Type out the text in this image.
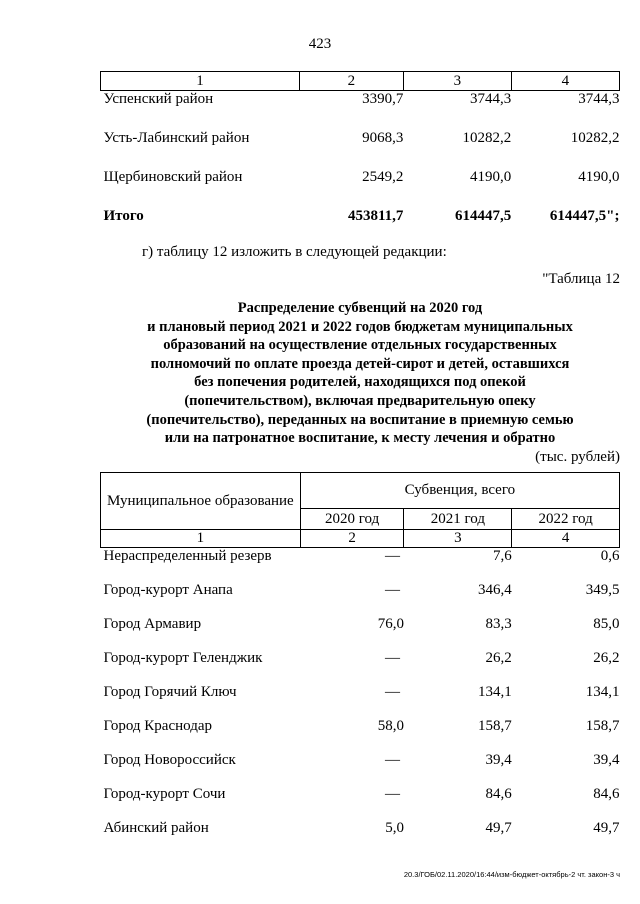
423
1	2	3	4
Успенский район	3390,7	3744,3	3744,3
Усть-Лабинский район	9068,3	10282,2	10282,2
Щербиновский район	2549,2	4190,0	4190,0
Итого	453811,7	614447,5	614447,5";
г) таблицу 12 изложить в следующей редакции:
"Таблица 12
Распределение субвенций на 2020 год
и плановый период 2021 и 2022 годов бюджетам муниципальных
образований на осуществление отдельных государственных
полномочий по оплате проезда детей-сирот и детей, оставшихся
без попечения родителей, находящихся под опекой
(попечительством), включая предварительную опеку
(попечительство), переданных на воспитание в приемную семью
или на патронатное воспитание, к месту лечения и обратно
(тыс. рублей)
Муниципальное образование	Субвенция, всего		
	2020 год	2021 год	2022 год
1	2	3	4
Нераспределенный резерв	—	7,6	0,6
Город-курорт Анапа	—	346,4	349,5
Город Армавир	76,0	83,3	85,0
Город-курорт Геленджик	—	26,2	26,2
Город Горячий Ключ	—	134,1	134,1
Город Краснодар	58,0	158,7	158,7
Город Новороссийск	—	39,4	39,4
Город-курорт Сочи	—	84,6	84,6
Абинский район	5,0	49,7	49,7
20.3/ГОБ/02.11.2020/16:44/изм-бюджет-октябрь-2 чт. закон-3 ч
